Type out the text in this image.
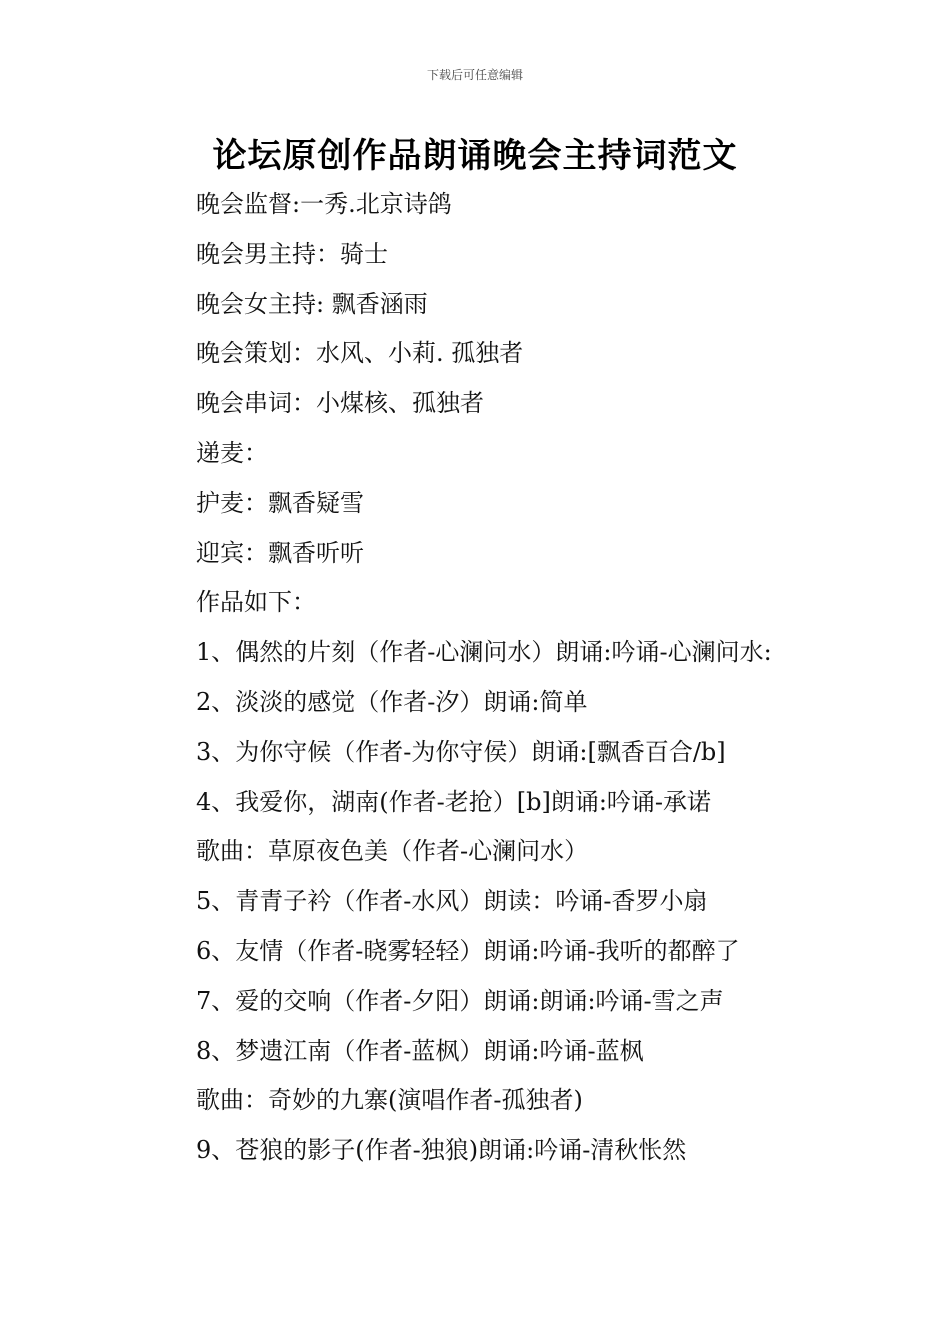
下载后可任意编辑
论坛原创作品朗诵晚会主持词范文
晚会监督:一秀.北京诗鸽
晚会男主持：骑士
晚会女主持: 飘香涵雨
晚会策划：水风、小莉. 孤独者
晚会串词：小煤核、孤独者
递麦：
护麦：飘香疑雪
迎宾：飘香听听
作品如下：
1、偶然的片刻（作者-心澜问水）朗诵:吟诵-心澜问水:
2、淡淡的感觉（作者-汐）朗诵:简单
3、为你守候（作者-为你守侯）朗诵:[飘香百合/b]
4、我爱你，湖南(作者-老抢）[b]朗诵:吟诵-承诺
歌曲：草原夜色美（作者-心澜问水）
5、青青子衿（作者-水风）朗读：吟诵-香罗小扇
6、友情（作者-晓雾轻轻）朗诵:吟诵-我听的都醉了
7、爱的交响（作者-夕阳）朗诵:朗诵:吟诵-雪之声
8、梦遗江南（作者-蓝枫）朗诵:吟诵-蓝枫
歌曲：奇妙的九寨(演唱作者-孤独者)
9、苍狼的影子(作者-独狼)朗诵:吟诵-清秋怅然
